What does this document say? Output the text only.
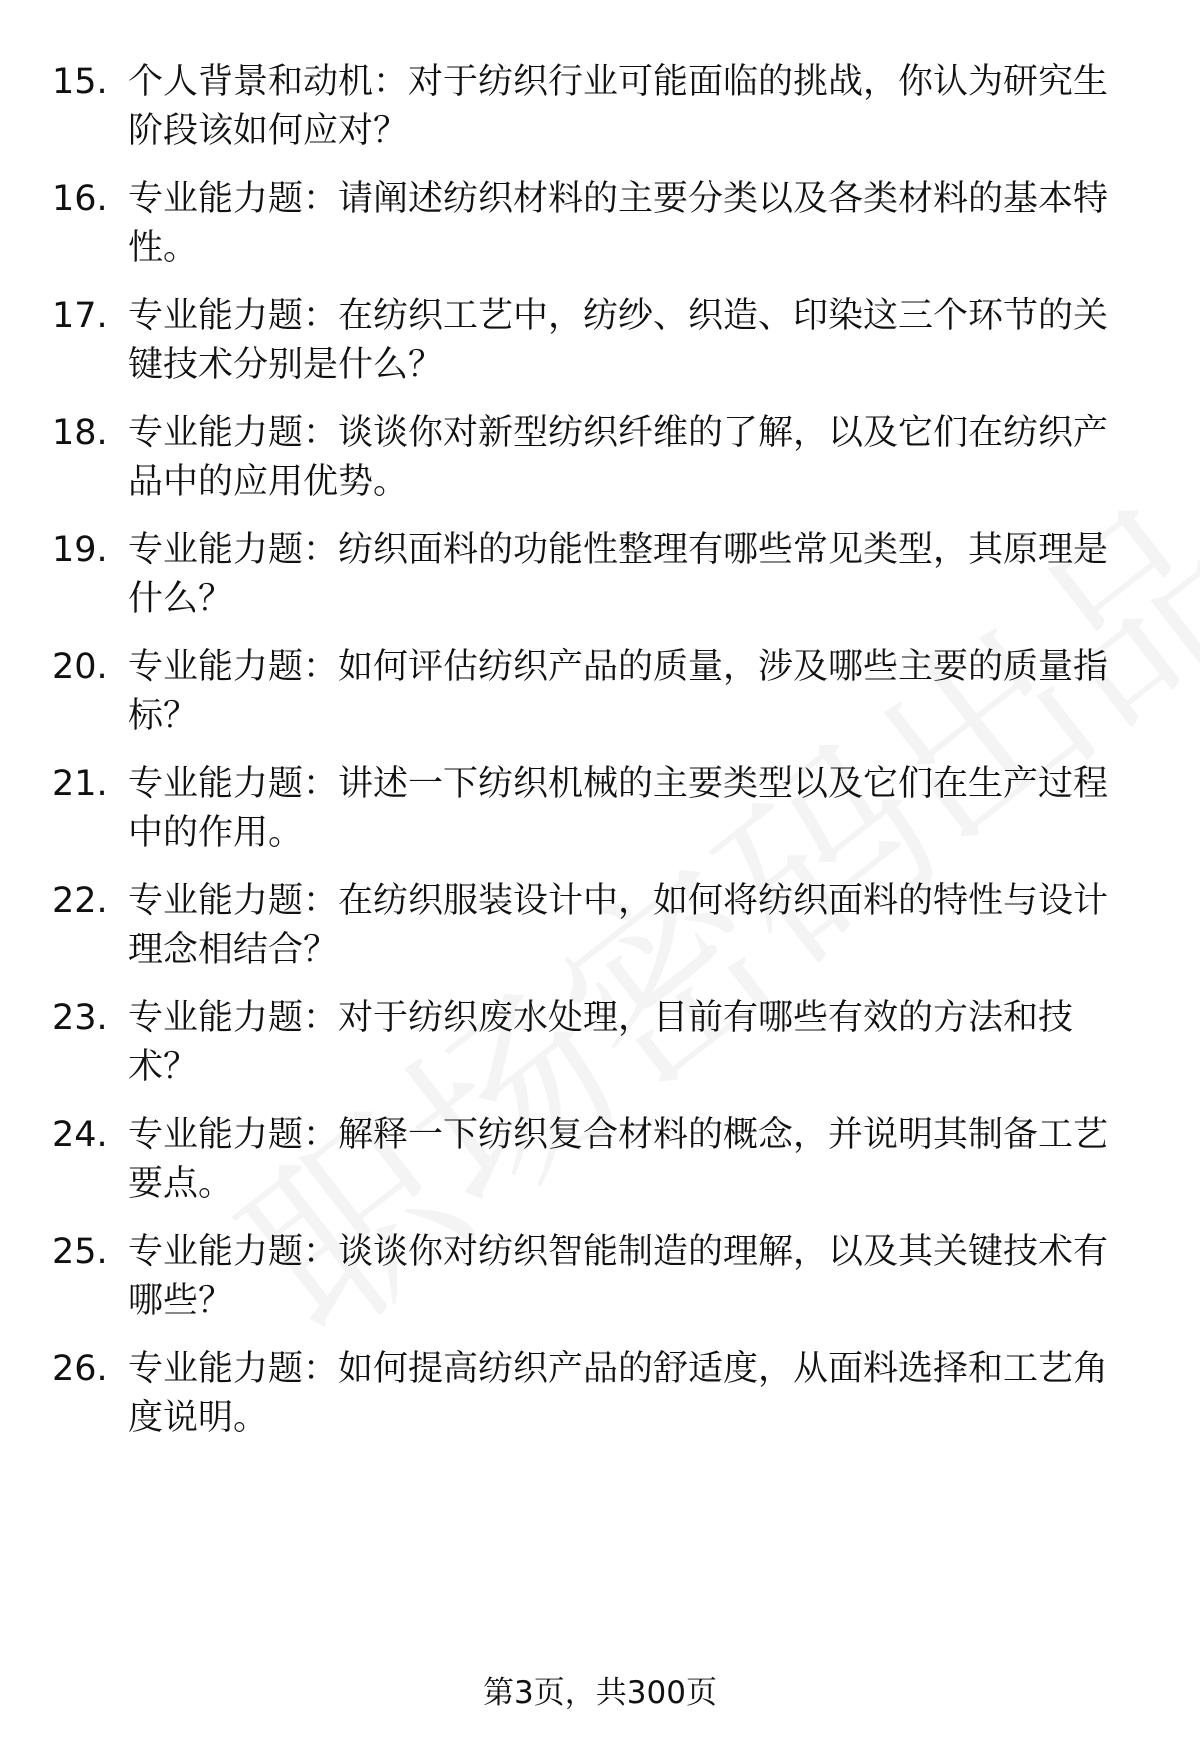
15. 个人背景和动机：对于纺织行业可能面临的挑战，你认为研究生阶段该如何应对？
16. 专业能力题：请阐述纺织材料的主要分类以及各类材料的基本特性。
17. 专业能力题：在纺织工艺中，纺纱、织造、印染这三个环节的关键技术分别是什么？
18. 专业能力题：谈谈你对新型纺织纤维的了解，以及它们在纺织产品中的应用优势。
19. 专业能力题：纺织面料的功能性整理有哪些常见类型，其原理是什么？
20. 专业能力题：如何评估纺织产品的质量，涉及哪些主要的质量指标？
21. 专业能力题：讲述一下纺织机械的主要类型以及它们在生产过程中的作用。
22. 专业能力题：在纺织服装设计中，如何将纺织面料的特性与设计理念相结合？
23. 专业能力题：对于纺织废水处理，目前有哪些有效的方法和技术？
24. 专业能力题：解释一下纺织复合材料的概念，并说明其制备工艺要点。
25. 专业能力题：谈谈你对纺织智能制造的理解，以及其关键技术有哪些？
26. 专业能力题：如何提高纺织产品的舒适度，从面料选择和工艺角度说明。
第3页，共300页
